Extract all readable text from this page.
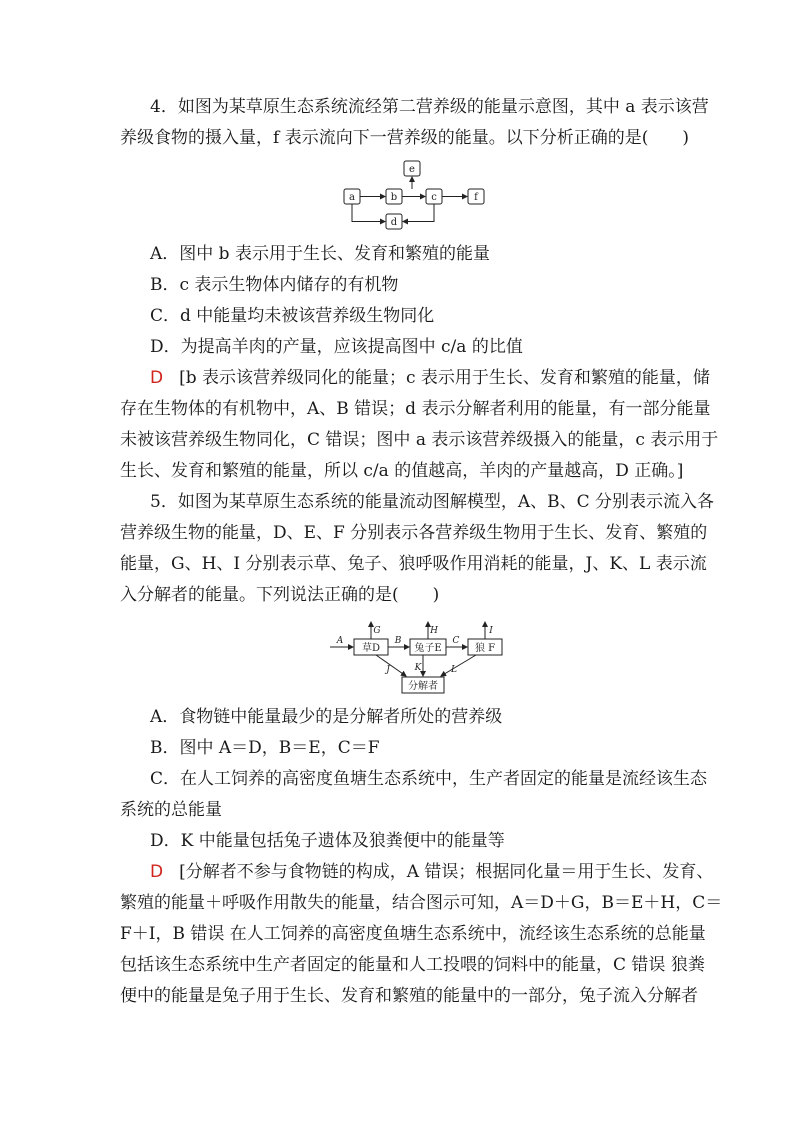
4．如图为某草原生态系统流经第二营养级的能量示意图，其中 a 表示该营
养级食物的摄入量，f 表示流向下一营养级的能量。以下分析正确的是(　　)
e
a	b	c	f
d
A．图中 b 表示用于生长、发育和繁殖的能量
B．c 表示生物体内储存的有机物
C．d 中能量均未被该营养级生物同化
D．为提高羊肉的产量，应该提高图中 c/a 的比值
D [b 表示该营养级同化的能量；c 表示用于生长、发育和繁殖的能量，储
存在生物体的有机物中，A、B 错误；d 表示分解者利用的能量，有一部分能量
未被该营养级生物同化，C 错误；图中 a 表示该营养级摄入的能量，c 表示用于
生长、发育和繁殖的能量，所以 c/a 的值越高，羊肉的产量越高，D 正确。]
5．如图为某草原生态系统的能量流动图解模型，A、B、C 分别表示流入各
营养级生物的能量，D、E、F 分别表示各营养级生物用于生长、发育、繁殖的
能量，G、H、I 分别表示草、兔子、狼呼吸作用消耗的能量，J、K、L 表示流
入分解者的能量。下列说法正确的是(　　)
草D	兔子E	狼 F
分解者
A	B	C
G	H	I
J	K	L
A．食物链中能量最少的是分解者所处的营养级
B．图中 A＝D，B＝E，C＝F
C．在人工饲养的高密度鱼塘生态系统中，生产者固定的能量是流经该生态
系统的总能量
D．K 中能量包括兔子遗体及狼粪便中的能量等
D [分解者不参与食物链的构成，A 错误；根据同化量＝用于生长、发育、
繁殖的能量＋呼吸作用散失的能量，结合图示可知，A＝D＋G，B＝E＋H，C＝
F＋I，B 错误 在人工饲养的高密度鱼塘生态系统中，流经该生态系统的总能量
包括该生态系统中生产者固定的能量和人工投喂的饲料中的能量，C 错误 狼粪
便中的能量是兔子用于生长、发育和繁殖的能量中的一部分，兔子流入分解者
